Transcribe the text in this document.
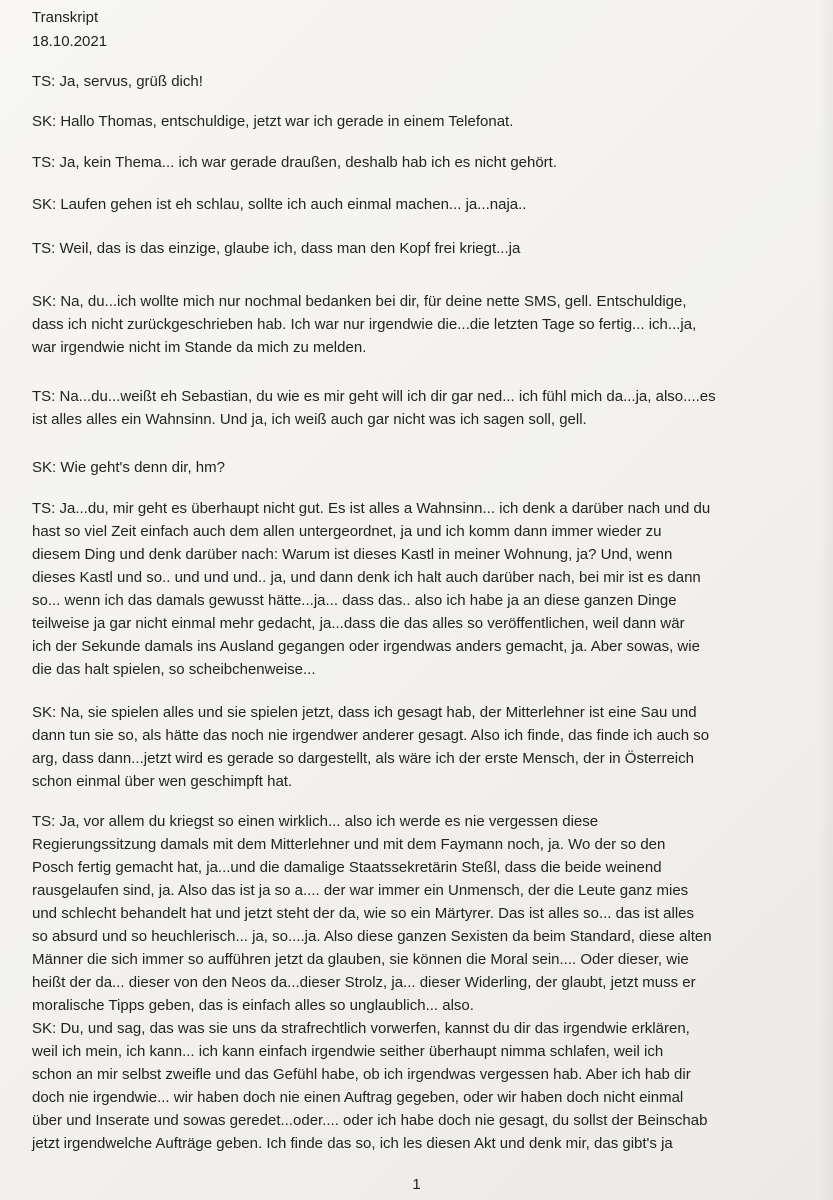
Transkript
18.10.2021
TS: Ja, servus, grüß dich!
SK: Hallo Thomas, entschuldige, jetzt war ich gerade in einem Telefonat.
TS: Ja, kein Thema... ich war gerade draußen, deshalb hab ich es nicht gehört.
SK: Laufen gehen ist eh schlau, sollte ich auch einmal machen... ja...naja..
TS: Weil, das is das einzige, glaube ich, dass man den Kopf frei kriegt...ja
SK: Na, du...ich wollte mich nur nochmal bedanken bei dir, für deine nette SMS, gell. Entschuldige,
dass ich nicht zurückgeschrieben hab. Ich war nur irgendwie die...die letzten Tage so fertig... ich...ja,
war irgendwie nicht im Stande da mich zu melden.
TS: Na...du...weißt eh Sebastian, du wie es mir geht will ich dir gar ned... ich fühl mich da...ja, also....es
ist alles alles ein Wahnsinn. Und ja, ich weiß auch gar nicht was ich sagen soll, gell.
SK: Wie geht's denn dir, hm?
TS: Ja...du, mir geht es überhaupt nicht gut. Es ist alles a Wahnsinn... ich denk a darüber nach und du
hast so viel Zeit einfach auch dem allen untergeordnet, ja und ich komm dann immer wieder zu
diesem Ding und denk darüber nach: Warum ist dieses Kastl in meiner Wohnung, ja? Und, wenn
dieses Kastl und so.. und und und.. ja, und dann denk ich halt auch darüber nach, bei mir ist es dann
so... wenn ich das damals gewusst hätte...ja... dass das.. also ich habe ja an diese ganzen Dinge
teilweise ja gar nicht einmal mehr gedacht, ja...dass die das alles so veröffentlichen, weil dann wär
ich der Sekunde damals ins Ausland gegangen oder irgendwas anders gemacht, ja. Aber sowas, wie
die das halt spielen, so scheibchenweise...
SK: Na, sie spielen alles und sie spielen jetzt, dass ich gesagt hab, der Mitterlehner ist eine Sau und
dann tun sie so, als hätte das noch nie irgendwer anderer gesagt. Also ich finde, das finde ich auch so
arg, dass dann...jetzt wird es gerade so dargestellt, als wäre ich der erste Mensch, der in Österreich
schon einmal über wen geschimpft hat.
TS: Ja, vor allem du kriegst so einen wirklich... also ich werde es nie vergessen diese
Regierungssitzung damals mit dem Mitterlehner und mit dem Faymann noch, ja. Wo der so den
Posch fertig gemacht hat, ja...und die damalige Staatssekretärin Steßl, dass die beide weinend
rausgelaufen sind, ja. Also das ist ja so a.... der war immer ein Unmensch, der die Leute ganz mies
und schlecht behandelt hat und jetzt steht der da, wie so ein Märtyrer. Das ist alles so... das ist alles
so absurd und so heuchlerisch... ja, so....ja. Also diese ganzen Sexisten da beim Standard, diese alten
Männer die sich immer so aufführen jetzt da glauben, sie können die Moral sein.... Oder dieser, wie
heißt der da... dieser von den Neos da...dieser Strolz, ja... dieser Widerling, der glaubt, jetzt muss er
moralische Tipps geben, das is einfach alles so unglaublich... also.
SK: Du, und sag, das was sie uns da strafrechtlich vorwerfen, kannst du dir das irgendwie erklären,
weil ich mein, ich kann... ich kann einfach irgendwie seither überhaupt nimma schlafen, weil ich
schon an mir selbst zweifle und das Gefühl habe, ob ich irgendwas vergessen hab. Aber ich hab dir
doch nie irgendwie... wir haben doch nie einen Auftrag gegeben, oder wir haben doch nicht einmal
über und Inserate und sowas geredet...oder.... oder ich habe doch nie gesagt, du sollst der Beinschab
jetzt irgendwelche Aufträge geben. Ich finde das so, ich les diesen Akt und denk mir, das gibt's ja
1
